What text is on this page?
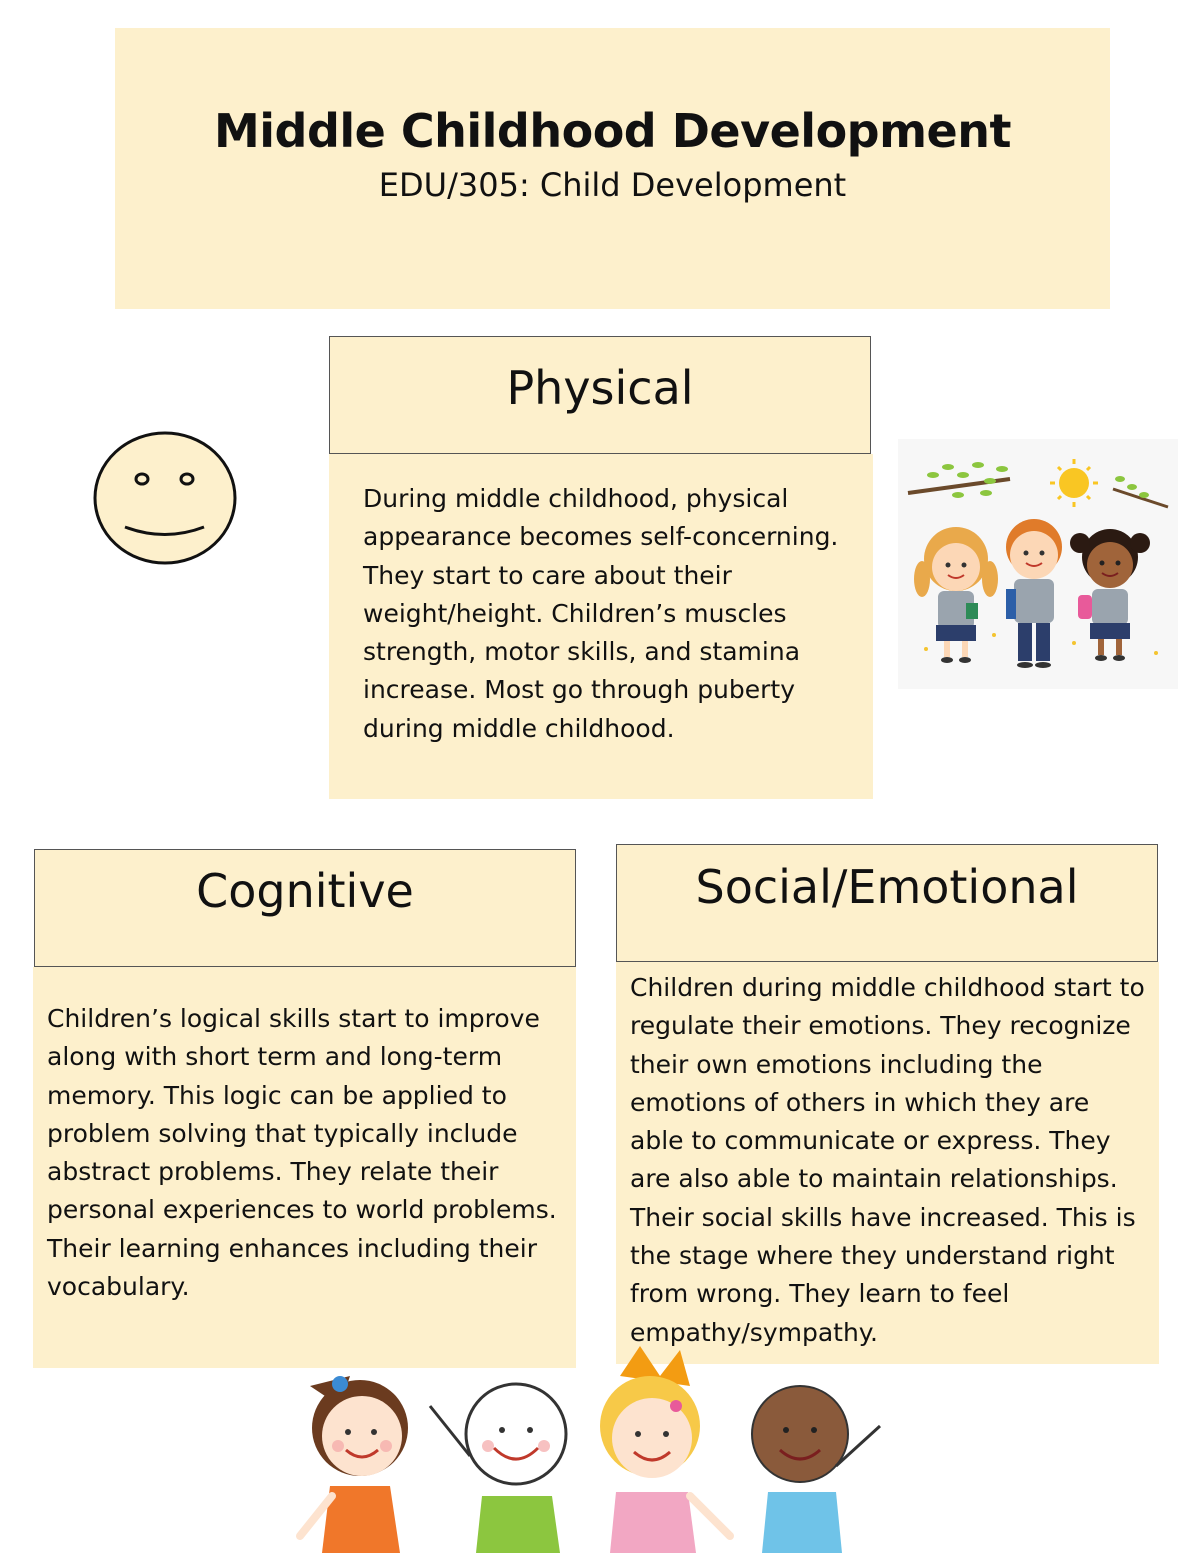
Middle Childhood Development
EDU/305: Child Development
Physical

During middle childhood, physical appearance becomes self-concerning. They start to care about their weight/height. Children’s muscles strength, motor skills, and stamina increase. Most go through puberty during middle childhood.

Cognitive

Children’s logical skills start to improve along with short term and long-term memory. This logic can be applied to problem solving that typically include abstract problems. They relate their personal experiences to world problems. Their learning enhances including their vocabulary.

Social/Emotional

Children during middle childhood start to regulate their emotions. They recognize their own emotions including the emotions of others in which they are able to communicate or express. They are also able to maintain relationships. Their social skills have increased. This is the stage where they understand right from wrong. They learn to feel empathy/sympathy.
